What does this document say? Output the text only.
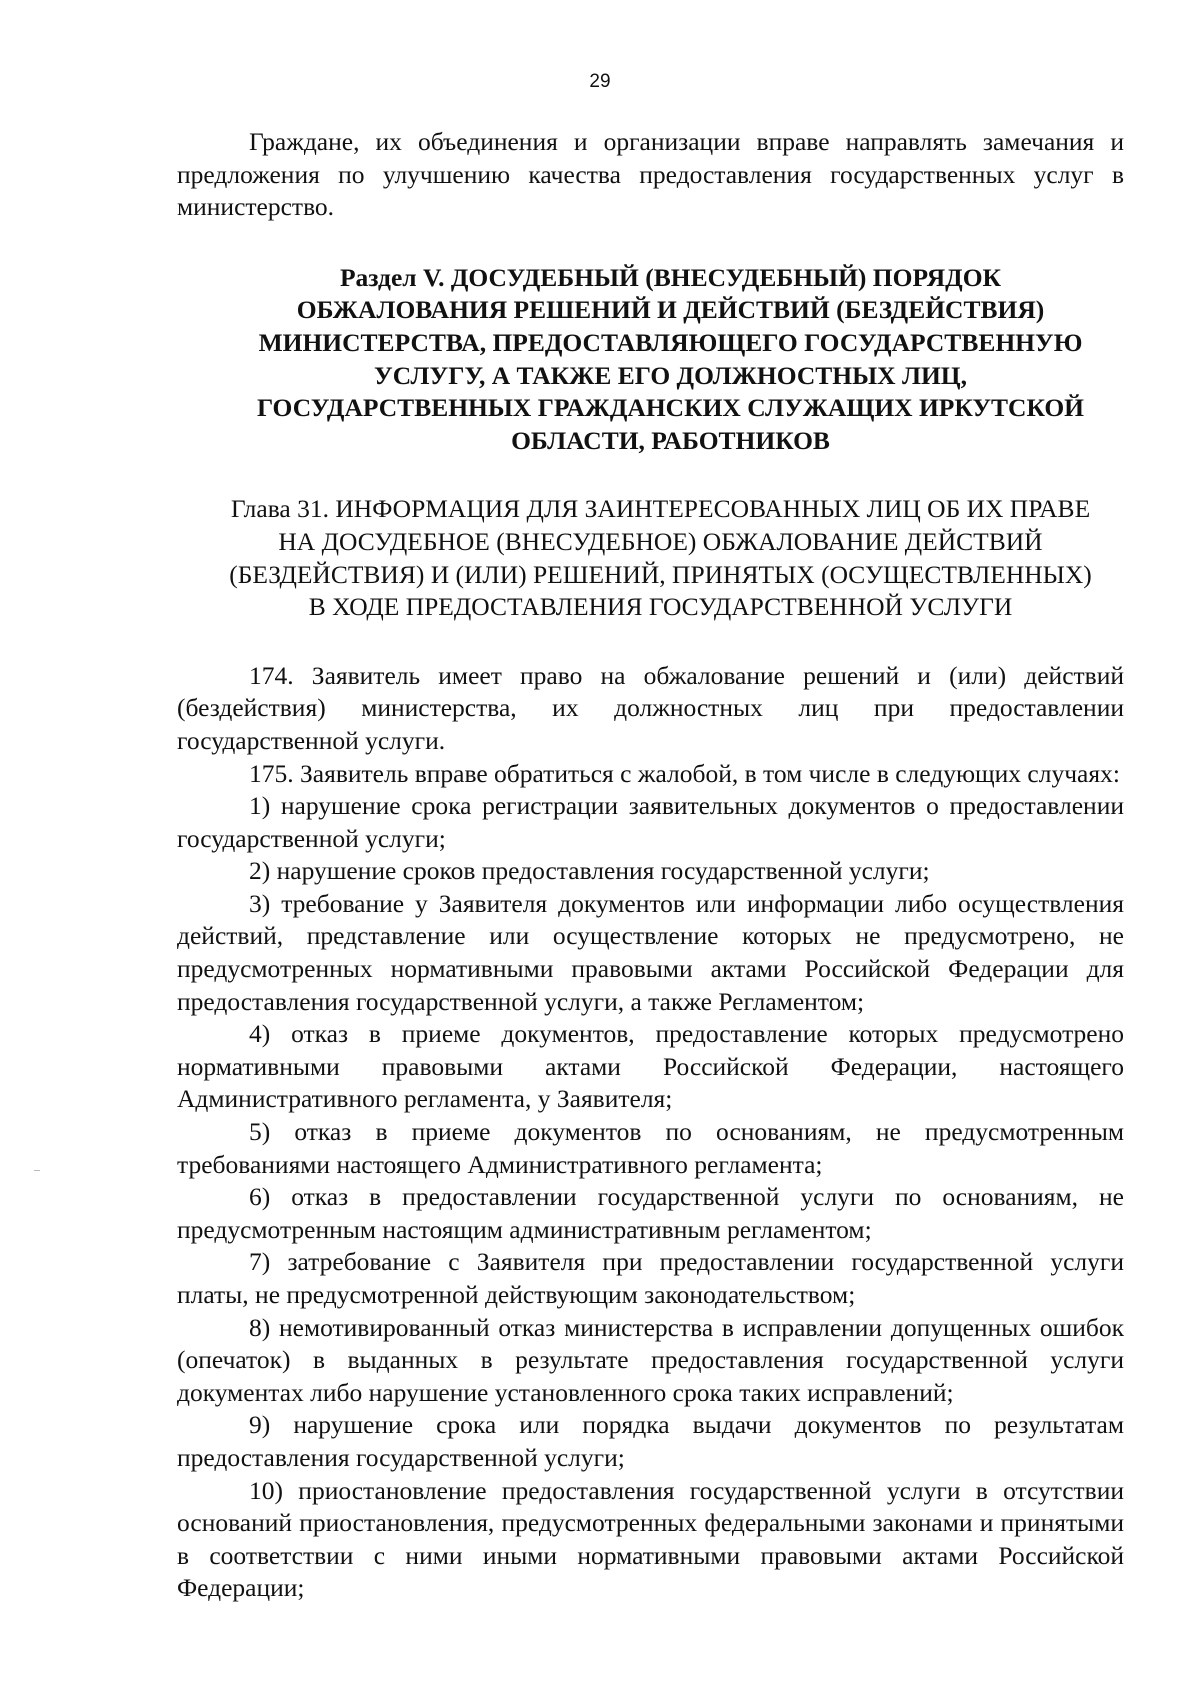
29

Граждане, их объединения и организации вправе направлять замечания и предложения по улучшению качества предоставления государственных услуг в министерство.

Раздел V. ДОСУДЕБНЫЙ (ВНЕСУДЕБНЫЙ) ПОРЯДОК ОБЖАЛОВАНИЯ РЕШЕНИЙ И ДЕЙСТВИЙ (БЕЗДЕЙСТВИЯ) МИНИСТЕРСТВА, ПРЕДОСТАВЛЯЮЩЕГО ГОСУДАРСТВЕННУЮ УСЛУГУ, А ТАКЖЕ ЕГО ДОЛЖНОСТНЫХ ЛИЦ, ГОСУДАРСТВЕННЫХ ГРАЖДАНСКИХ СЛУЖАЩИХ ИРКУТСКОЙ ОБЛАСТИ, РАБОТНИКОВ
Глава 31. ИНФОРМАЦИЯ ДЛЯ ЗАИНТЕРЕСОВАННЫХ ЛИЦ ОБ ИХ ПРАВЕ НА ДОСУДЕБНОЕ (ВНЕСУДЕБНОЕ) ОБЖАЛОВАНИЕ ДЕЙСТВИЙ (БЕЗДЕЙСТВИЯ) И (ИЛИ) РЕШЕНИЙ, ПРИНЯТЫХ (ОСУЩЕСТВЛЕННЫХ) В ХОДЕ ПРЕДОСТАВЛЕНИЯ ГОСУДАРСТВЕННОЙ УСЛУГИ

174. Заявитель имеет право на обжалование решений и (или) действий (бездействия) министерства, их должностных лиц при предоставлении государственной услуги.

175. Заявитель вправе обратиться с жалобой, в том числе в следующих случаях:

1) нарушение срока регистрации заявительных документов о предоставлении государственной услуги;

2) нарушение сроков предоставления государственной услуги;

3) требование у Заявителя документов или информации либо осуществления действий, представление или осуществление которых не предусмотрено, не предусмотренных нормативными правовыми актами Российской Федерации для предоставления государственной услуги, а также Регламентом;

4) отказ в приеме документов, предоставление которых предусмотрено нормативными правовыми актами Российской Федерации, настоящего Административного регламента, у Заявителя;

5) отказ в приеме документов по основаниям, не предусмотренным требованиями настоящего Административного регламента;

6) отказ в предоставлении государственной услуги по основаниям, не предусмотренным настоящим административным регламентом;

7) затребование с Заявителя при предоставлении государственной услуги платы, не предусмотренной действующим законодательством;

8) немотивированный отказ министерства в исправлении допущенных ошибок (опечаток) в выданных в результате предоставления государственной услуги документах либо нарушение установленного срока таких исправлений;

9) нарушение срока или порядка выдачи документов по результатам предоставления государственной услуги;

10) приостановление предоставления государственной услуги в отсутствии оснований приостановления, предусмотренных федеральными законами и принятыми в соответствии с ними иными нормативными правовыми актами Российской Федерации;
